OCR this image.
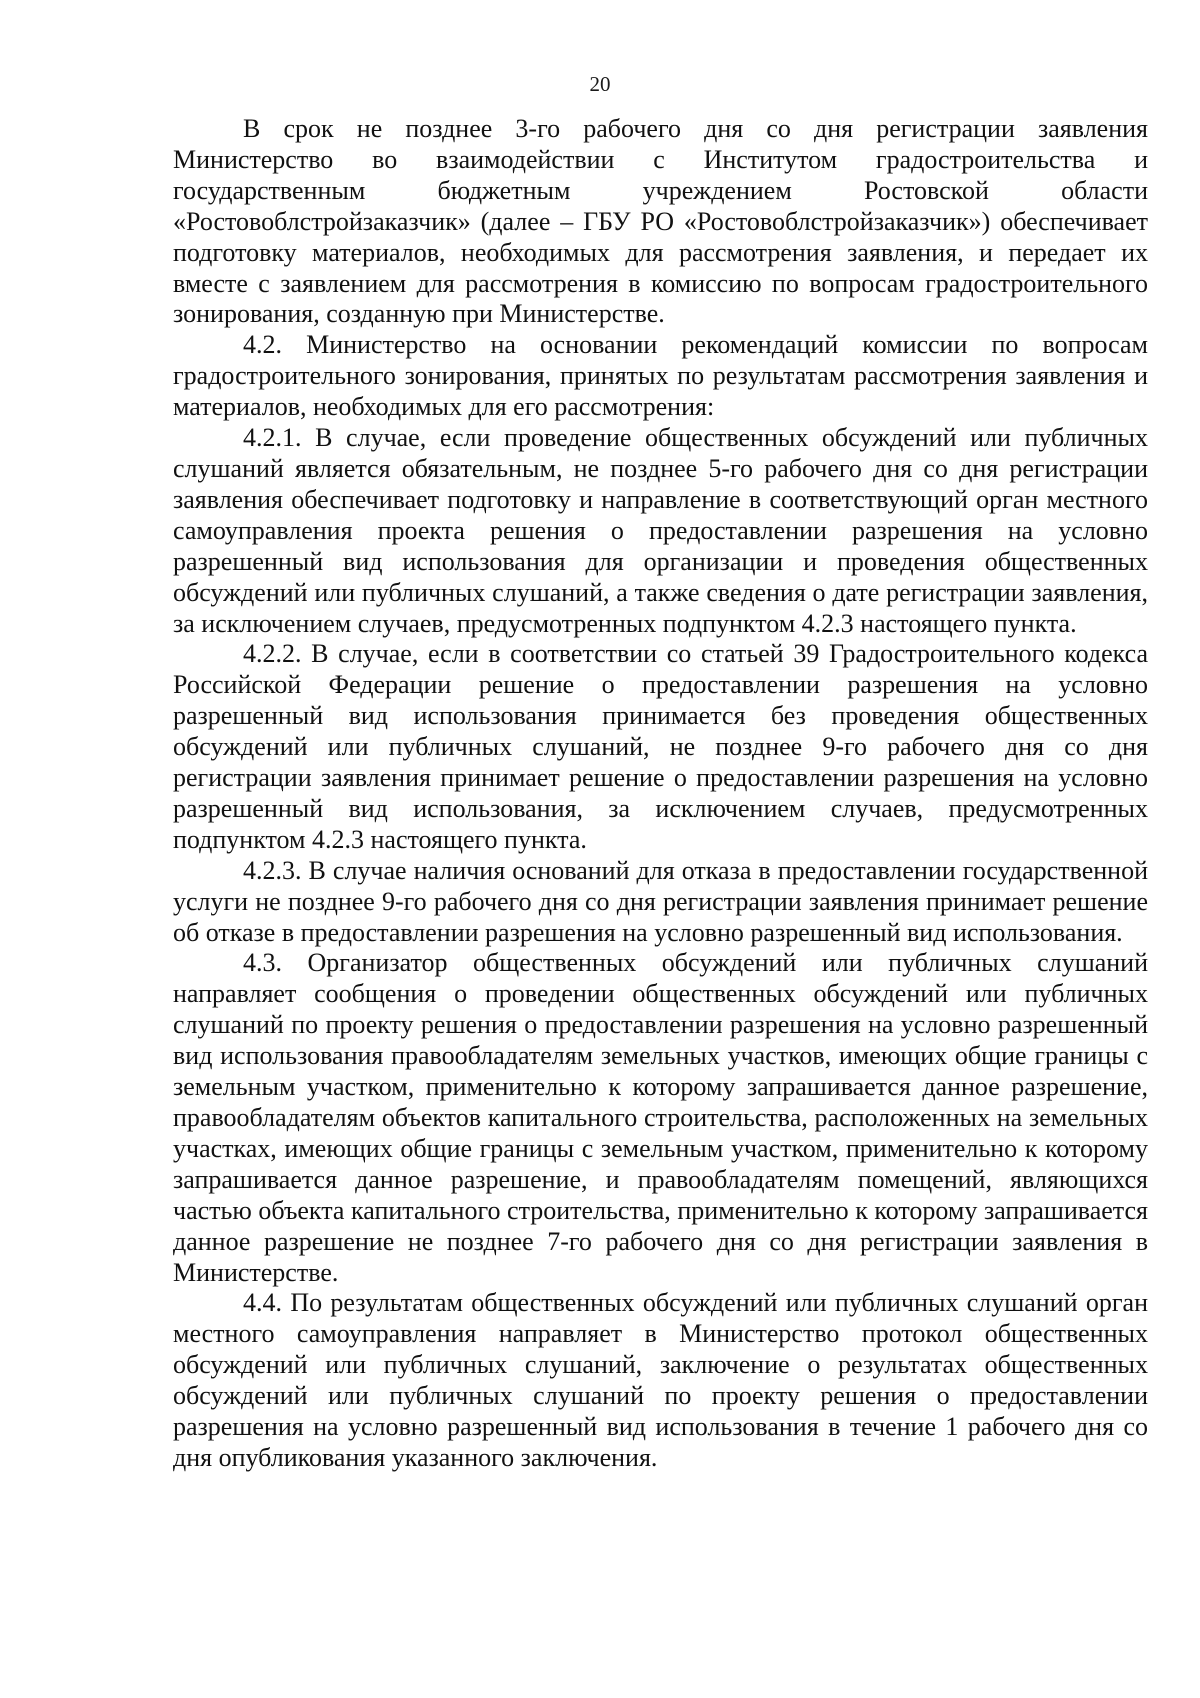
20

В срок не позднее 3-го рабочего дня со дня регистрации заявления Министерство во взаимодействии с Институтом градостроительства и государственным бюджетным учреждением Ростовской области «Ростовоблстройзаказчик» (далее – ГБУ РО «Ростовоблстройзаказчик») обеспечивает подготовку материалов, необходимых для рассмотрения заявления, и передает их вместе с заявлением для рассмотрения в комиссию по вопросам градостроительного зонирования, созданную при Министерстве.

4.2. Министерство на основании рекомендаций комиссии по вопросам градостроительного зонирования, принятых по результатам рассмотрения заявления и материалов, необходимых для его рассмотрения:

4.2.1. В случае, если проведение общественных обсуждений или публичных слушаний является обязательным, не позднее 5-го рабочего дня со дня регистрации заявления обеспечивает подготовку и направление в соответствующий орган местного самоуправления проекта решения о предоставлении разрешения на условно разрешенный вид использования для организации и проведения общественных обсуждений или публичных слушаний, а также сведения о дате регистрации заявления, за исключением случаев, предусмотренных подпунктом 4.2.3 настоящего пункта.

4.2.2. В случае, если в соответствии со статьей 39 Градостроительного кодекса Российской Федерации решение о предоставлении разрешения на условно разрешенный вид использования принимается без проведения общественных обсуждений или публичных слушаний, не позднее 9-го рабочего дня со дня регистрации заявления принимает решение о предоставлении разрешения на условно разрешенный вид использования, за исключением случаев, предусмотренных подпунктом 4.2.3 настоящего пункта.

4.2.3. В случае наличия оснований для отказа в предоставлении государственной услуги не позднее 9-го рабочего дня со дня регистрации заявления принимает решение об отказе в предоставлении разрешения на условно разрешенный вид использования.

4.3. Организатор общественных обсуждений или публичных слушаний направляет сообщения о проведении общественных обсуждений или публичных слушаний по проекту решения о предоставлении разрешения на условно разрешенный вид использования правообладателям земельных участков, имеющих общие границы с земельным участком, применительно к которому запрашивается данное разрешение, правообладателям объектов капитального строительства, расположенных на земельных участках, имеющих общие границы с земельным участком, применительно к которому запрашивается данное разрешение, и правообладателям помещений, являющихся частью объекта капитального строительства, применительно к которому запрашивается данное разрешение не позднее 7-го рабочего дня со дня регистрации заявления в Министерстве.

4.4. По результатам общественных обсуждений или публичных слушаний орган местного самоуправления направляет в Министерство протокол общественных обсуждений или публичных слушаний, заключение о результатах общественных обсуждений или публичных слушаний по проекту решения о предоставлении разрешения на условно разрешенный вид использования в течение 1 рабочего дня со дня опубликования указанного заключения.
